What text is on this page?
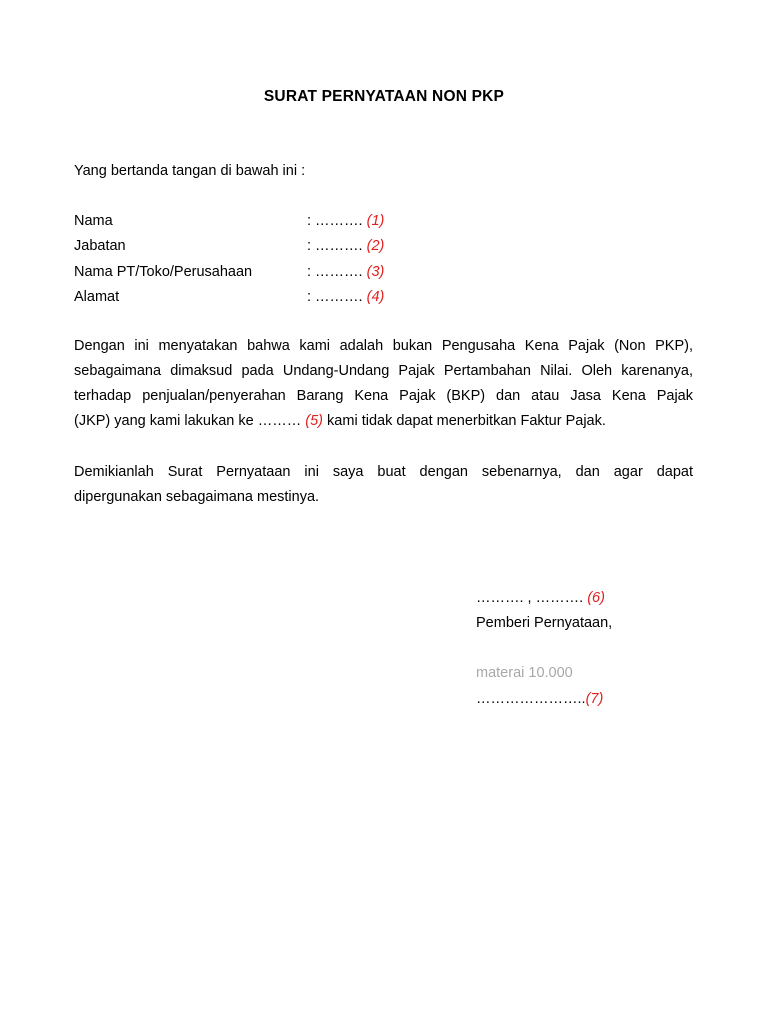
SURAT PERNYATAAN NON PKP
Yang bertanda tangan di bawah ini :
Nama	: ………. (1)
Jabatan	: ………. (2)
Nama PT/Toko/Perusahaan	: ………. (3)
Alamat	: ………. (4)
Dengan ini menyatakan bahwa kami adalah bukan Pengusaha Kena Pajak (Non PKP),
sebagaimana dimaksud pada Undang-Undang Pajak Pertambahan Nilai. Oleh karenanya,
terhadap penjualan/penyerahan Barang Kena Pajak (BKP) dan atau Jasa Kena Pajak
(JKP) yang kami lakukan ke ……… (5) kami tidak dapat menerbitkan Faktur Pajak.
Demikianlah Surat Pernyataan ini saya buat dengan sebenarnya, dan agar dapat
dipergunakan sebagaimana mestinya.
………. , ………. (6)
Pemberi Pernyataan,
materai 10.000
…………………..(7)
